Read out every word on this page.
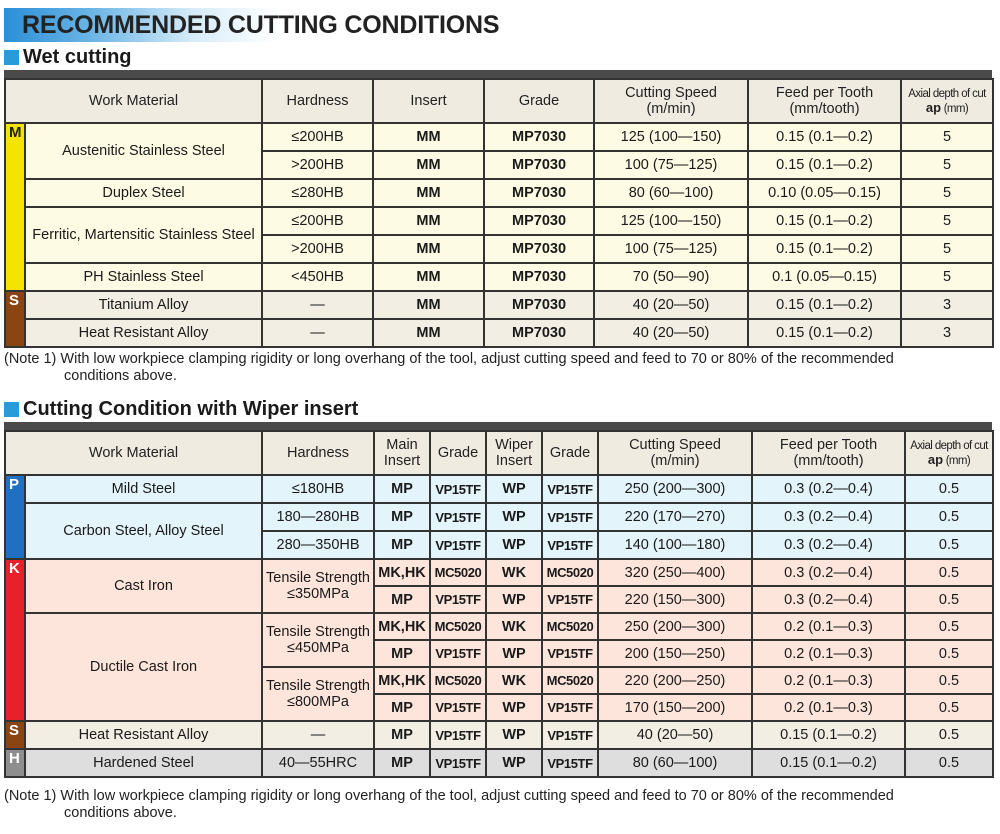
RECOMMENDED CUTTING CONDITIONS
Wet cutting
Work Material		Hardness	Insert	Grade	Cutting Speed
(m/min)	Feed per Tooth
(mm/tooth)	Axial depth of cut
ap (mm)
M	Austenitic Stainless Steel	≤200HB	MM	MP7030	125 (100—150)	0.15 (0.1—0.2)	5
		>200HB	MM	MP7030	100 (75—125)	0.15 (0.1—0.2)	5
	Duplex Steel	≤280HB	MM	MP7030	80 (60—100)	0.10 (0.05—0.15)	5
	Ferritic, Martensitic Stainless Steel	≤200HB	MM	MP7030	125 (100—150)	0.15 (0.1—0.2)	5
		>200HB	MM	MP7030	100 (75—125)	0.15 (0.1—0.2)	5
	PH Stainless Steel	<450HB	MM	MP7030	70 (50—90)	0.1 (0.05—0.15)	5
S	Titanium Alloy	—	MM	MP7030	40 (20—50)	0.15 (0.1—0.2)	3
	Heat Resistant Alloy	—	MM	MP7030	40 (20—50)	0.15 (0.1—0.2)	3
(Note 1) With low workpiece clamping rigidity or long overhang of the tool, adjust cutting speed and feed to 70 or 80% of the recommended
conditions above.
Cutting Condition with Wiper insert
Work Material		Hardness	Main
Insert	Grade	Wiper
Insert	Grade	Cutting Speed
(m/min)	Feed per Tooth
(mm/tooth)	Axial depth of cut
ap (mm)
P	Mild Steel	≤180HB	MP	VP15TF	WP	VP15TF	250 (200—300)	0.3 (0.2—0.4)	0.5
	Carbon Steel, Alloy Steel	180—280HB	MP	VP15TF	WP	VP15TF	220 (170—270)	0.3 (0.2—0.4)	0.5
		280—350HB	MP	VP15TF	WP	VP15TF	140 (100—180)	0.3 (0.2—0.4)	0.5
K	Cast Iron	Tensile Strength
≤350MPa	MK,HK	MC5020	WK	MC5020	320 (250—400)	0.3 (0.2—0.4)	0.5
			MP	VP15TF	WP	VP15TF	220 (150—300)	0.3 (0.2—0.4)	0.5
	Ductile Cast Iron	Tensile Strength
≤450MPa	MK,HK	MC5020	WK	MC5020	250 (200—300)	0.2 (0.1—0.3)	0.5
			MP	VP15TF	WP	VP15TF	200 (150—250)	0.2 (0.1—0.3)	0.5
		Tensile Strength
≤800MPa	MK,HK	MC5020	WK	MC5020	220 (200—250)	0.2 (0.1—0.3)	0.5
			MP	VP15TF	WP	VP15TF	170 (150—200)	0.2 (0.1—0.3)	0.5
S	Heat Resistant Alloy	—	MP	VP15TF	WP	VP15TF	40 (20—50)	0.15 (0.1—0.2)	0.5
H	Hardened Steel	40—55HRC	MP	VP15TF	WP	VP15TF	80 (60—100)	0.15 (0.1—0.2)	0.5
(Note 1) With low workpiece clamping rigidity or long overhang of the tool, adjust cutting speed and feed to 70 or 80% of the recommended
conditions above.
